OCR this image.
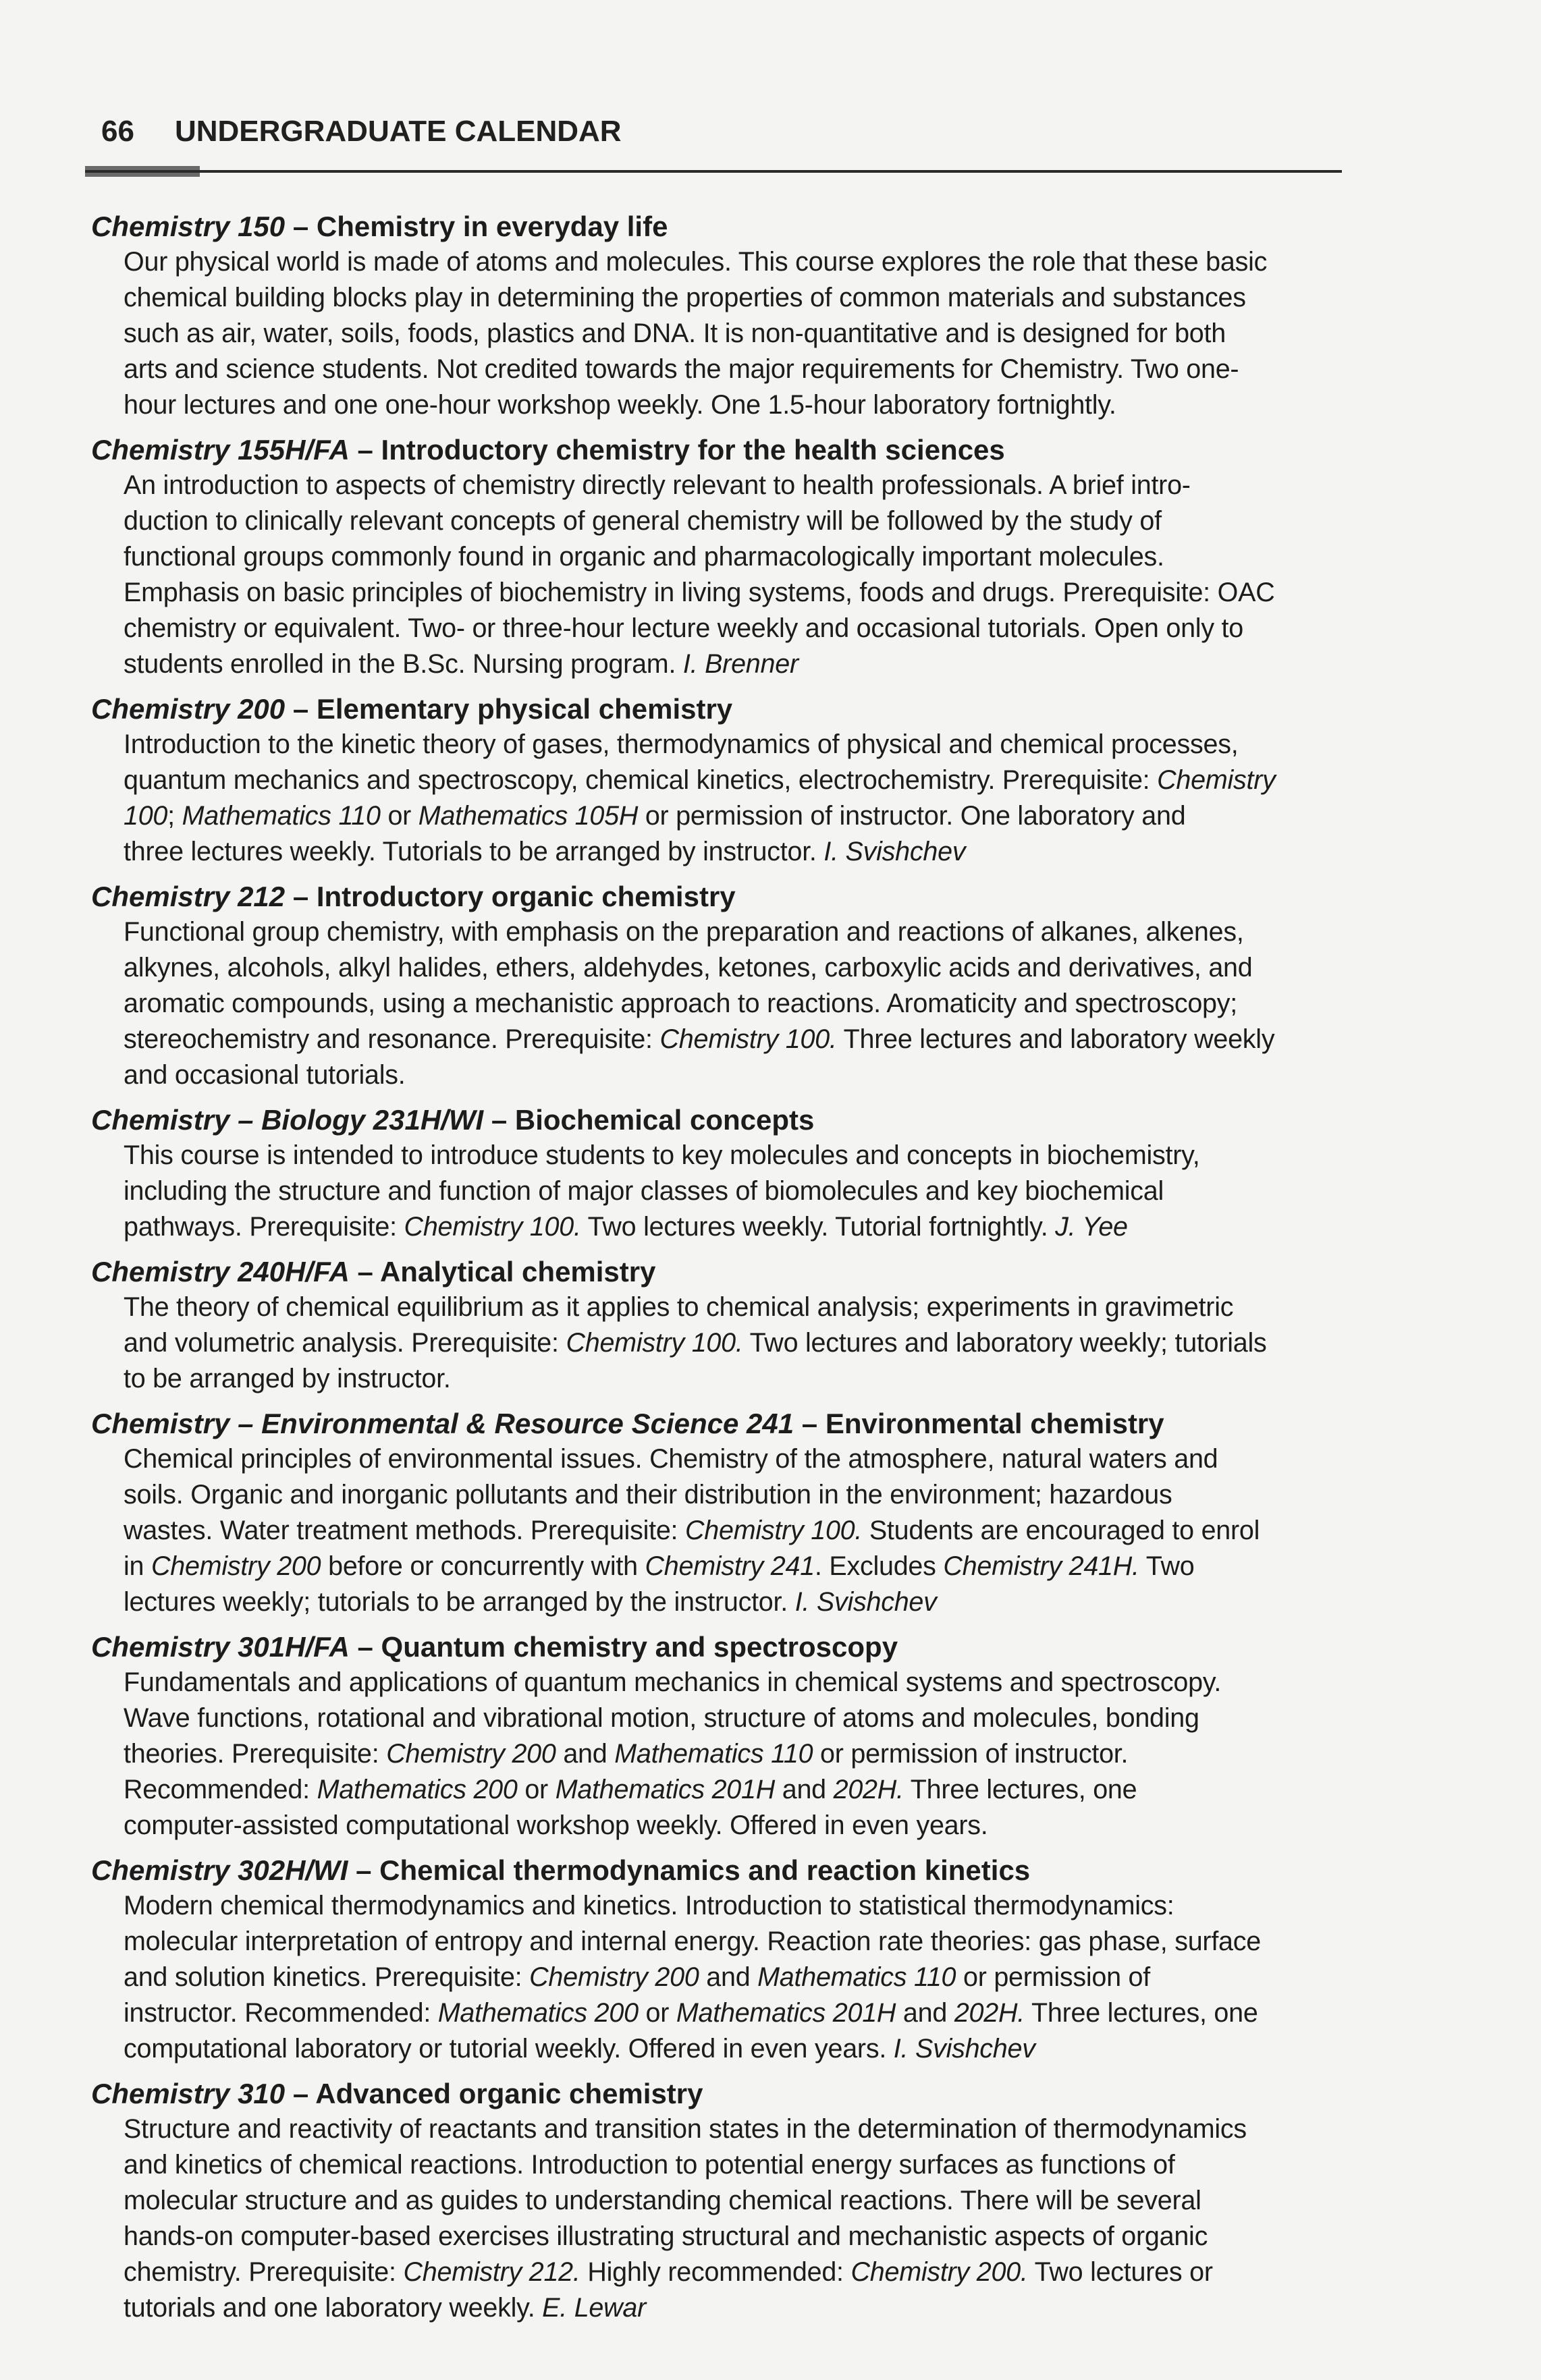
66 UNDERGRADUATE CALENDAR
Chemistry 150 – Chemistry in everyday life
Our physical world is made of atoms and molecules. This course explores the role that these basic
chemical building blocks play in determining the properties of common materials and substances
such as air, water, soils, foods, plastics and DNA. It is non-quantitative and is designed for both
arts and science students. Not credited towards the major requirements for Chemistry. Two one-
hour lectures and one one-hour workshop weekly. One 1.5-hour laboratory fortnightly.
Chemistry 155H/FA – Introductory chemistry for the health sciences
An introduction to aspects of chemistry directly relevant to health professionals. A brief intro-
duction to clinically relevant concepts of general chemistry will be followed by the study of
functional groups commonly found in organic and pharmacologically important molecules.
Emphasis on basic principles of biochemistry in living systems, foods and drugs. Prerequisite: OAC
chemistry or equivalent. Two- or three-hour lecture weekly and occasional tutorials. Open only to
students enrolled in the B.Sc. Nursing program. I. Brenner
Chemistry 200 – Elementary physical chemistry
Introduction to the kinetic theory of gases, thermodynamics of physical and chemical processes,
quantum mechanics and spectroscopy, chemical kinetics, electrochemistry. Prerequisite: Chemistry
100; Mathematics 110 or Mathematics 105H or permission of instructor. One laboratory and
three lectures weekly. Tutorials to be arranged by instructor. I. Svishchev
Chemistry 212 – Introductory organic chemistry
Functional group chemistry, with emphasis on the preparation and reactions of alkanes, alkenes,
alkynes, alcohols, alkyl halides, ethers, aldehydes, ketones, carboxylic acids and derivatives, and
aromatic compounds, using a mechanistic approach to reactions. Aromaticity and spectroscopy;
stereochemistry and resonance. Prerequisite: Chemistry 100. Three lectures and laboratory weekly
and occasional tutorials.
Chemistry – Biology 231H/WI – Biochemical concepts
This course is intended to introduce students to key molecules and concepts in biochemistry,
including the structure and function of major classes of biomolecules and key biochemical
pathways. Prerequisite: Chemistry 100. Two lectures weekly. Tutorial fortnightly. J. Yee
Chemistry 240H/FA – Analytical chemistry
The theory of chemical equilibrium as it applies to chemical analysis; experiments in gravimetric
and volumetric analysis. Prerequisite: Chemistry 100. Two lectures and laboratory weekly; tutorials
to be arranged by instructor.
Chemistry – Environmental & Resource Science 241 – Environmental chemistry
Chemical principles of environmental issues. Chemistry of the atmosphere, natural waters and
soils. Organic and inorganic pollutants and their distribution in the environment; hazardous
wastes. Water treatment methods. Prerequisite: Chemistry 100. Students are encouraged to enrol
in Chemistry 200 before or concurrently with Chemistry 241. Excludes Chemistry 241H. Two
lectures weekly; tutorials to be arranged by the instructor. I. Svishchev
Chemistry 301H/FA – Quantum chemistry and spectroscopy
Fundamentals and applications of quantum mechanics in chemical systems and spectroscopy.
Wave functions, rotational and vibrational motion, structure of atoms and molecules, bonding
theories. Prerequisite: Chemistry 200 and Mathematics 110 or permission of instructor.
Recommended: Mathematics 200 or Mathematics 201H and 202H. Three lectures, one
computer-assisted computational workshop weekly. Offered in even years.
Chemistry 302H/WI – Chemical thermodynamics and reaction kinetics
Modern chemical thermodynamics and kinetics. Introduction to statistical thermodynamics:
molecular interpretation of entropy and internal energy. Reaction rate theories: gas phase, surface
and solution kinetics. Prerequisite: Chemistry 200 and Mathematics 110 or permission of
instructor. Recommended: Mathematics 200 or Mathematics 201H and 202H. Three lectures, one
computational laboratory or tutorial weekly. Offered in even years. I. Svishchev
Chemistry 310 – Advanced organic chemistry
Structure and reactivity of reactants and transition states in the determination of thermodynamics
and kinetics of chemical reactions. Introduction to potential energy surfaces as functions of
molecular structure and as guides to understanding chemical reactions. There will be several
hands-on computer-based exercises illustrating structural and mechanistic aspects of organic
chemistry. Prerequisite: Chemistry 212. Highly recommended: Chemistry 200. Two lectures or
tutorials and one laboratory weekly. E. Lewar
